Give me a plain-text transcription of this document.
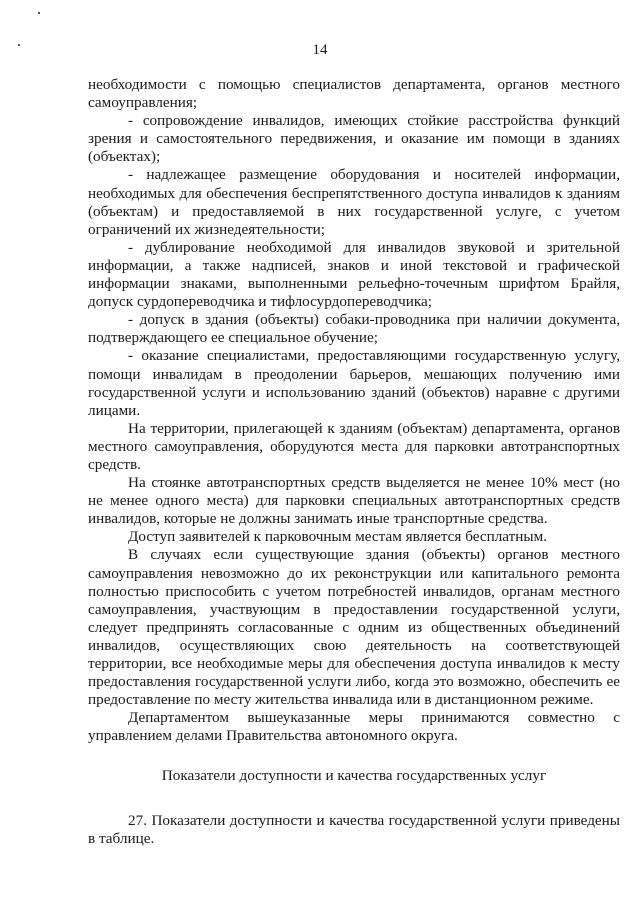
14

необходимости с помощью специалистов департамента, органов местного самоуправления;

- сопровождение инвалидов, имеющих стойкие расстройства функций зрения и самостоятельного передвижения, и оказание им помощи в зданиях (объектах);

- надлежащее размещение оборудования и носителей информации, необходимых для обеспечения беспрепятственного доступа инвалидов к зданиям (объектам) и предоставляемой в них государственной услуге, с учетом ограничений их жизнедеятельности;

- дублирование необходимой для инвалидов звуковой и зрительной информации, а также надписей, знаков и иной текстовой и графической информации знаками, выполненными рельефно-точечным шрифтом Брайля, допуск сурдопереводчика и тифлосурдопереводчика;

- допуск в здания (объекты) собаки-проводника при наличии документа, подтверждающего ее специальное обучение;

- оказание специалистами, предоставляющими государственную услугу, помощи инвалидам в преодолении барьеров, мешающих получению ими государственной услуги и использованию зданий (объектов) наравне с другими лицами.

На территории, прилегающей к зданиям (объектам) департамента, органов местного самоуправления, оборудуются места для парковки автотранспортных средств.

На стоянке автотранспортных средств выделяется не менее 10% мест (но не менее одного места) для парковки специальных автотранспортных средств инвалидов, которые не должны занимать иные транспортные средства.

Доступ заявителей к парковочным местам является бесплатным.

В случаях если существующие здания (объекты) органов местного самоуправления невозможно до их реконструкции или капитального ремонта полностью приспособить с учетом потребностей инвалидов, органам местного самоуправления, участвующим в предоставлении государственной услуги, следует предпринять согласованные с одним из общественных объединений инвалидов, осуществляющих свою деятельность на соответствующей территории, все необходимые меры для обеспечения доступа инвалидов к месту предоставления государственной услуги либо, когда это возможно, обеспечить ее предоставление по месту жительства инвалида или в дистанционном режиме.

Департаментом вышеуказанные меры принимаются совместно с управлением делами Правительства автономного округа.

Показатели доступности и качества государственных услуг

27. Показатели доступности и качества государственной услуги приведены в таблице.
